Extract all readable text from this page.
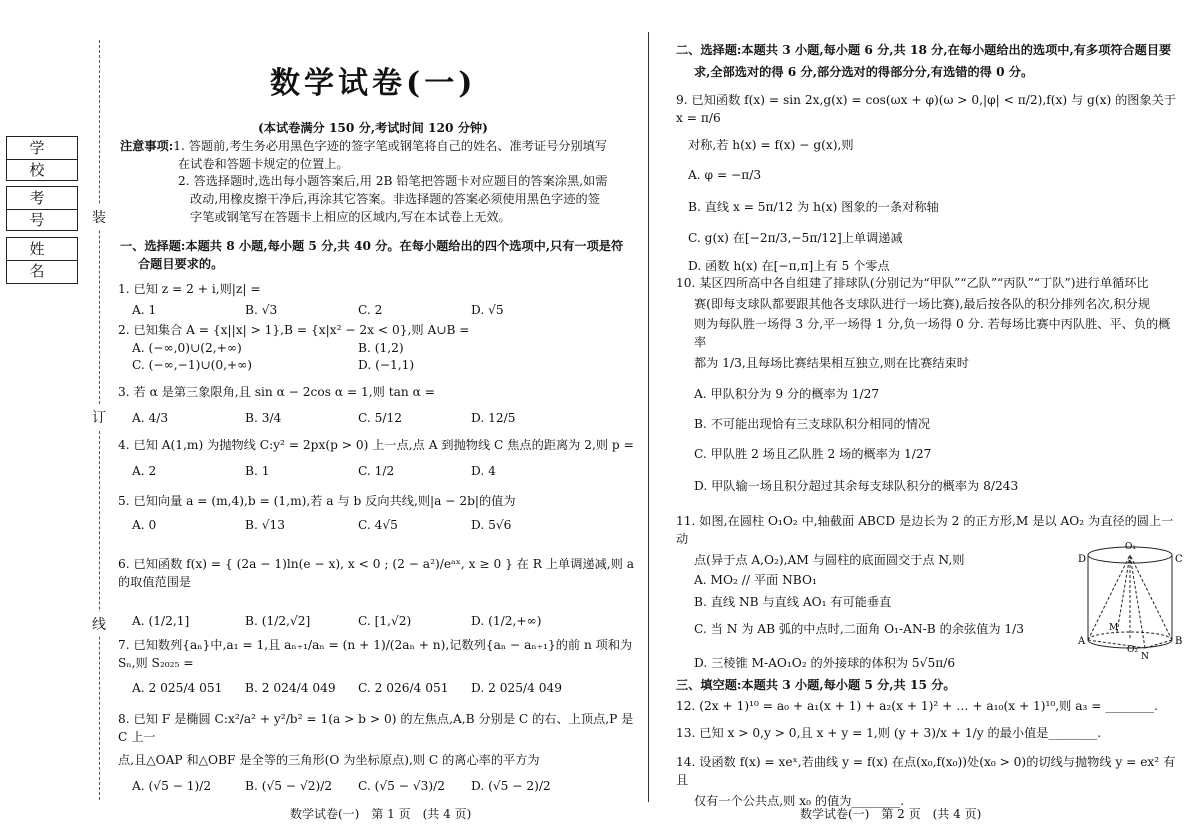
学　校
考　号
姓　名
装
订
线
数学试卷(一)
(本试卷满分 150 分,考试时间 120 分钟)

注意事项:1. 答题前,考生务必用黑色字迹的签字笔或钢笔将自己的姓名、准考证号分别填写

在试卷和答题卡规定的位置上。

2. 答选择题时,选出每小题答案后,用 2B 铅笔把答题卡对应题目的答案涂黑,如需

改动,用橡皮擦干净后,再涂其它答案。非选择题的答案必须使用黑色字迹的签

字笔或钢笔写在答题卡上相应的区域内,写在本试卷上无效。

一、选择题:本题共 8 小题,每小题 5 分,共 40 分。在每小题给出的四个选项中,只有一项是符

合题目要求的。

1. 已知 z = 2 + i,则|z| =

A. 1	B. √3	C. 2	D. √5

2. 已知集合 A = {x||x| > 1},B = {x|x² − 2x < 0},则 A∪B =

A. (−∞,0)∪(2,+∞)	B. (1,2)
C. (−∞,−1)∪(0,+∞)	D. (−1,1)

3. 若 α 是第三象限角,且 sin α − 2cos α = 1,则 tan α =

A. 4/3	B. 3/4	C. 5/12	D. 12/5

4. 已知 A(1,m) 为抛物线 C:y² = 2px(p > 0) 上一点,点 A 到抛物线 C 焦点的距离为 2,则 p =

A. 2	B. 1	C. 1/2	D. 4

5. 已知向量 a = (m,4),b = (1,m),若 a 与 b 反向共线,则|a − 2b|的值为

A. 0	B. √13	C. 4√5	D. 5√6

6. 已知函数 f(x) = { (2a − 1)ln(e − x), x < 0 ; (2 − a²)/eᵃˣ, x ≥ 0 } 在 R 上单调递减,则 a 的取值范围是

A. (1/2,1]	B. (1/2,√2]	C. [1,√2)	D. (1/2,+∞)

7. 已知数列{aₙ}中,a₁ = 1,且 aₙ₊₁/aₙ = (n + 1)/(2aₙ + n),记数列{aₙ − aₙ₊₁}的前 n 项和为 Sₙ,则 S₂₀₂₅ =

A. 2 025/4 051	B. 2 024/4 049	C. 2 026/4 051	D. 2 025/4 049

8. 已知 F 是椭圆 C:x²/a² + y²/b² = 1(a > b > 0) 的左焦点,A,B 分别是 C 的右、上顶点,P 是 C 上一

点,且△OAP 和△OBF 是全等的三角形(O 为坐标原点),则 C 的离心率的平方为

A. (√5 − 1)/2	B. (√5 − √2)/2	C. (√5 − √3)/2	D. (√5 − 2)/2
数学试卷(一)　第 1 页　(共 4 页)

二、选择题:本题共 3 小题,每小题 6 分,共 18 分,在每小题给出的选项中,有多项符合题目要

求,全部选对的得 6 分,部分选对的得部分分,有选错的得 0 分。

9. 已知函数 f(x) = sin 2x,g(x) = cos(ωx + φ)(ω > 0,|φ| < π/2),f(x) 与 g(x) 的图象关于 x = π/6

对称,若 h(x) = f(x) − g(x),则

A. φ = −π/3

B. 直线 x = 5π/12 为 h(x) 图象的一条对称轴

C. g(x) 在[−2π/3,−5π/12]上单调递减

D. 函数 h(x) 在[−π,π]上有 5 个零点

10. 某区四所高中各自组建了排球队(分别记为“甲队”“乙队”“丙队”“丁队”)进行单循环比

赛(即每支球队都要跟其他各支球队进行一场比赛),最后按各队的积分排列名次,积分规

则为每队胜一场得 3 分,平一场得 1 分,负一场得 0 分. 若每场比赛中丙队胜、平、负的概率

都为 1/3,且每场比赛结果相互独立,则在比赛结束时

A. 甲队积分为 9 分的概率为 1/27

B. 不可能出现恰有三支球队积分相同的情况

C. 甲队胜 2 场且乙队胜 2 场的概率为 1/27

D. 甲队输一场且积分超过其余每支球队积分的概率为 8/243

11. 如图,在圆柱 O₁O₂ 中,轴截面 ABCD 是边长为 2 的正方形,M 是以 AO₂ 为直径的圆上一动

点(异于点 A,O₂),AM 与圆柱的底面圆交于点 N,则

A. MO₂ // 平面 NBO₁

B. 直线 NB 与直线 AO₁ 有可能垂直

C. 当 N 为 AB 弧的中点时,二面角 O₁-AN-B 的余弦值为 1/3

D. 三棱锥 M-AO₁O₂ 的外接球的体积为 5√5π/6

D
O₁
C
A
M
O₂
N
B
三、填空题:本题共 3 小题,每小题 5 分,共 15 分。
12. (2x + 1)¹⁰ = a₀ + a₁(x + 1) + a₂(x + 1)² + … + a₁₀(x + 1)¹⁰,则 a₃ = ________.
13. 已知 x > 0,y > 0,且 x + y = 1,则 (y + 3)/x + 1/y 的最小值是________.

14. 设函数 f(x) = xeˣ,若曲线 y = f(x) 在点(x₀,f(x₀))处(x₀ > 0)的切线与抛物线 y = ex² 有且

仅有一个公共点,则 x₀ 的值为________.

数学试卷(一)　第 2 页　(共 4 页)
